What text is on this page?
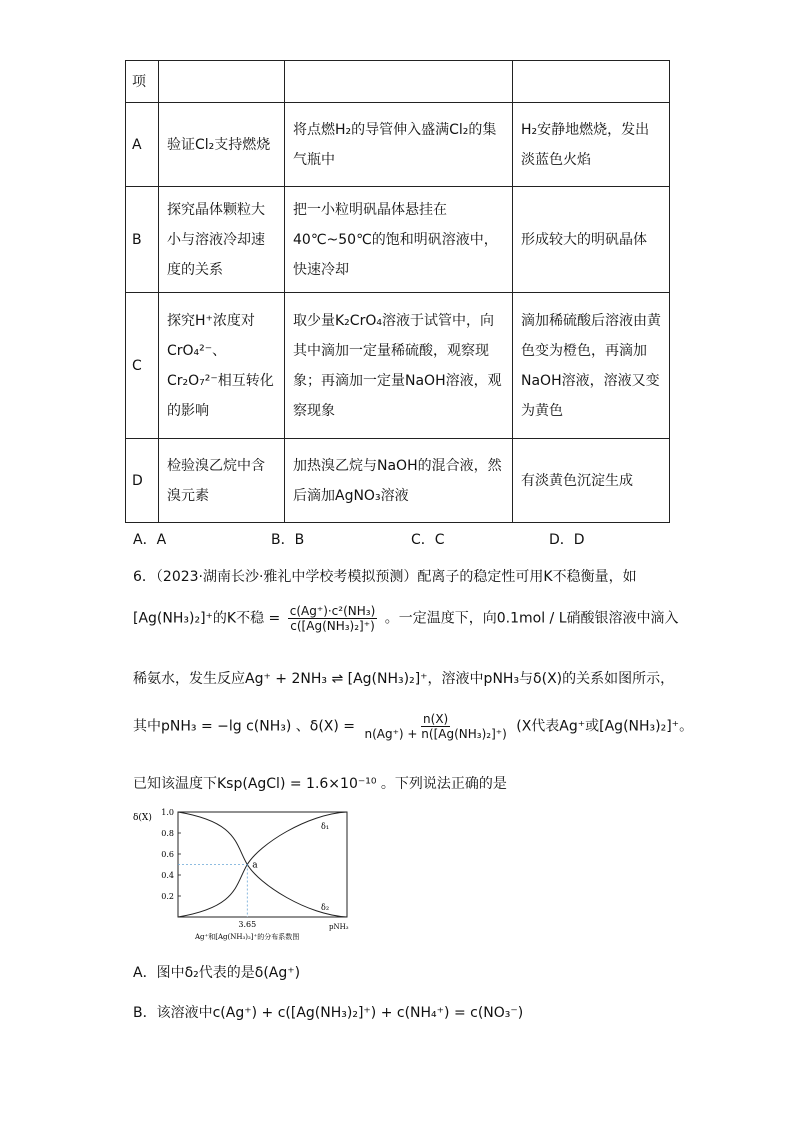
项			
A	验证Cl₂支持燃烧	将点燃H₂的导管伸入盛满Cl₂的集气瓶中	H₂安静地燃烧，发出淡蓝色火焰
B	探究晶体颗粒大小与溶液冷却速度的关系	把一小粒明矾晶体悬挂在40℃~50℃的饱和明矾溶液中，快速冷却	形成较大的明矾晶体
C	探究H⁺浓度对CrO₄²⁻、Cr₂O₇²⁻相互转化的影响	取少量K₂CrO₄溶液于试管中，向其中滴加一定量稀硫酸，观察现象；再滴加一定量NaOH溶液，观察现象	滴加稀硫酸后溶液由黄色变为橙色，再滴加NaOH溶液，溶液又变为黄色
D	检验溴乙烷中含溴元素	加热溴乙烷与NaOH的混合液，然后滴加AgNO₃溶液	有淡黄色沉淀生成
A．A	B．B	C．C	D．D
6．（2023·湖南长沙·雅礼中学校考模拟预测）配离子的稳定性可用K不稳衡量，如
[Ag(NH₃)₂]⁺的K不稳 = $\frac{\text{c(Ag⁺)·c²(NH₃)}}{\text{c([Ag(NH₃)₂]⁺)}}$ 。一定温度下，向0.1mol / L硝酸银溶液中滴入
稀氨水，发生反应Ag⁺ + 2NH₃ ⇌ [Ag(NH₃)₂]⁺，溶液中pNH₃与δ(X)的关系如图所示，
其中pNH₃ = −lg c(NH₃) 、$\delta(X) = \frac{n(X)}{\text{n(Ag⁺) + n([Ag(NH₃)₂]⁺)}} (X$代表Ag⁺或[Ag(NH₃)₂]⁺。
已知该温度下Ksp(AgCl) = 1.6×10⁻¹⁰ 。下列说法正确的是
δ(X)
1.0
0.8
0.6
0.4
0.2
a
3.65
δ₁
δ₂
pNH₃
Ag⁺和[Ag(NH₃)₂]⁺的分布系数图
A．图中δ₂代表的是δ(Ag⁺)
B．该溶液中c(Ag⁺) + c([Ag(NH₃)₂]⁺) + c(NH₄⁺) = c(NO₃⁻)
